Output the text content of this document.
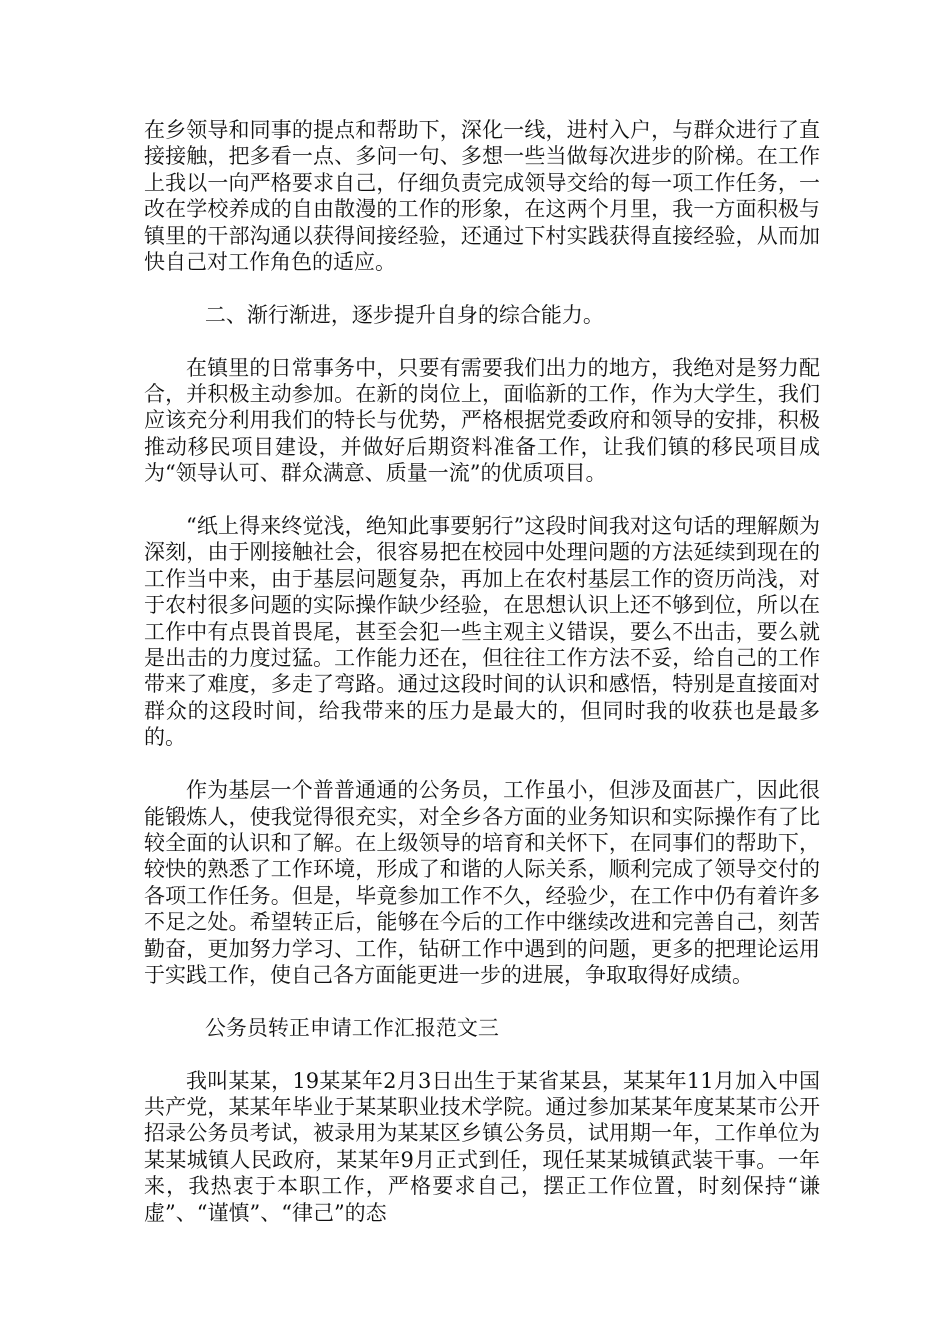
在乡领导和同事的提点和帮助下，深化一线，进村入户，与群众进行了直接接触，把多看一点、多问一句、多想一些当做每次进步的阶梯。在工作上我以一向严格要求自己，仔细负责完成领导交给的每一项工作任务，一改在学校养成的自由散漫的工作的形象，在这两个月里，我一方面积极与镇里的干部沟通以获得间接经验，还通过下村实践获得直接经验，从而加快自己对工作角色的适应。

二、渐行渐进，逐步提升自身的综合能力。

在镇里的日常事务中，只要有需要我们出力的地方，我绝对是努力配合，并积极主动参加。在新的岗位上，面临新的工作，作为大学生，我们应该充分利用我们的特长与优势，严格根据党委政府和领导的安排，积极推动移民项目建设，并做好后期资料准备工作，让我们镇的移民项目成为“领导认可、群众满意、质量一流”的优质项目。

“纸上得来终觉浅，绝知此事要躬行”这段时间我对这句话的理解颇为深刻，由于刚接触社会，很容易把在校园中处理问题的方法延续到现在的工作当中来，由于基层问题复杂，再加上在农村基层工作的资历尚浅，对于农村很多问题的实际操作缺少经验，在思想认识上还不够到位，所以在工作中有点畏首畏尾，甚至会犯一些主观主义错误，要么不出击，要么就是出击的力度过猛。工作能力还在，但往往工作方法不妥，给自己的工作带来了难度，多走了弯路。通过这段时间的认识和感悟，特别是直接面对群众的这段时间，给我带来的压力是最大的，但同时我的收获也是最多的。

作为基层一个普普通通的公务员，工作虽小，但涉及面甚广，因此很能锻炼人，使我觉得很充实，对全乡各方面的业务知识和实际操作有了比较全面的认识和了解。在上级领导的培育和关怀下，在同事们的帮助下，较快的熟悉了工作环境，形成了和谐的人际关系，顺利完成了领导交付的各项工作任务。但是，毕竟参加工作不久，经验少，在工作中仍有着许多不足之处。希望转正后，能够在今后的工作中继续改进和完善自己，刻苦勤奋，更加努力学习、工作，钻研工作中遇到的问题，更多的把理论运用于实践工作，使自己各方面能更进一步的进展，争取取得好成绩。

公务员转正申请工作汇报范文三

我叫某某，19某某年2月3日出生于某省某县，某某年11月加入中国共产党，某某年毕业于某某职业技术学院。通过参加某某年度某某市公开招录公务员考试，被录用为某某区乡镇公务员，试用期一年，工作单位为某某城镇人民政府，某某年9月正式到任，现任某某城镇武装干事。一年来，我热衷于本职工作，严格要求自己，摆正工作位置，时刻保持“谦虚”、“谨慎”、“律己”的态
